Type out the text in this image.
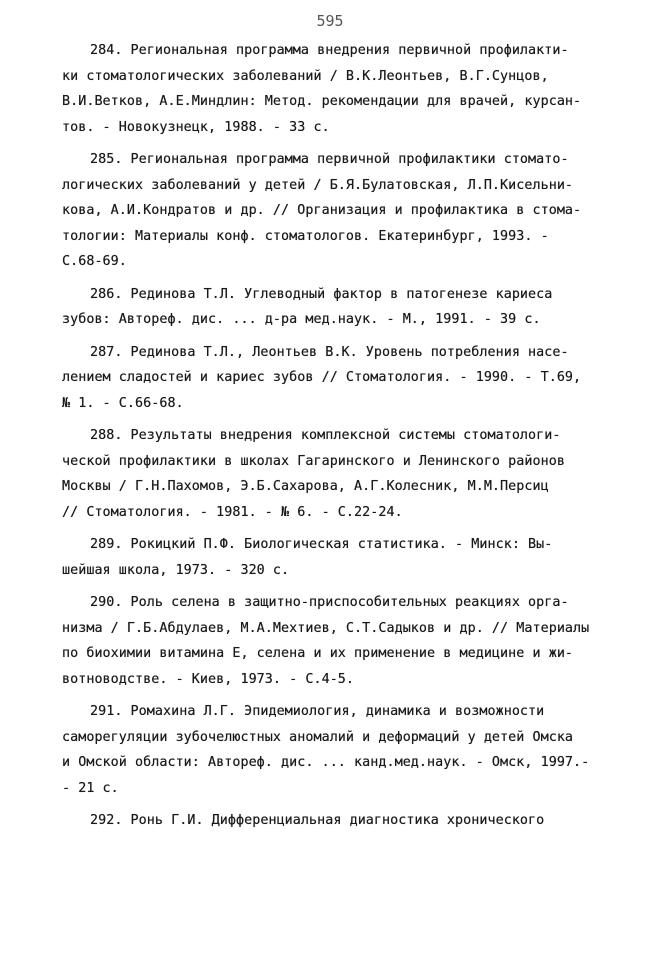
595
284. Региональная программа внедрения первичной профилакти-
ки стоматологических заболеваний / В.К.Леонтьев, В.Г.Сунцов,
В.И.Ветков, А.Е.Миндлин: Метод. рекомендации для врачей, курсан-
тов. - Новокузнецк, 1988. - 33 с.
285. Региональная программа первичной профилактики стомато-
логических заболеваний у детей / Б.Я.Булатовская, Л.П.Кисельни-
кова, А.И.Кондратов и др. // Организация и профилактика в стома-
тологии: Материалы конф. стоматологов. Екатеринбург, 1993. -
С.68-69.
286. Рединова Т.Л. Углеводный фактор в патогенезе кариеса
зубов: Автореф. дис. ... д-ра мед.наук. - М., 1991. - 39 с.
287. Рединова Т.Л., Леонтьев В.К. Уровень потребления насе-
лением сладостей и кариес зубов // Стоматология. - 1990. - Т.69,
№ 1. - С.66-68.
288. Результаты внедрения комплексной системы стоматологи-
ческой профилактики в школах Гагаринского и Ленинского районов
Москвы / Г.Н.Пахомов, Э.Б.Сахарова, А.Г.Колесник, М.М.Персиц
// Стоматология. - 1981. - № 6. - С.22-24.
289. Рокицкий П.Ф. Биологическая статистика. - Минск: Вы-
шейшая школа, 1973. - 320 с.
290. Роль селена в защитно-приспособительных реакциях орга-
низма / Г.Б.Абдулаев, М.А.Мехтиев, С.Т.Садыков и др. // Материалы
по биохимии витамина Е, селена и их применение в медицине и жи-
вотноводстве. - Киев, 1973. - С.4-5.
291. Ромахина Л.Г. Эпидемиология, динамика и возможности
саморегуляции зубочелюстных аномалий и деформаций у детей Омска
и Омской области: Автореф. дис. ... канд.мед.наук. - Омск, 1997.-
- 21 с.
292. Ронь Г.И. Дифференциальная диагностика хронического
